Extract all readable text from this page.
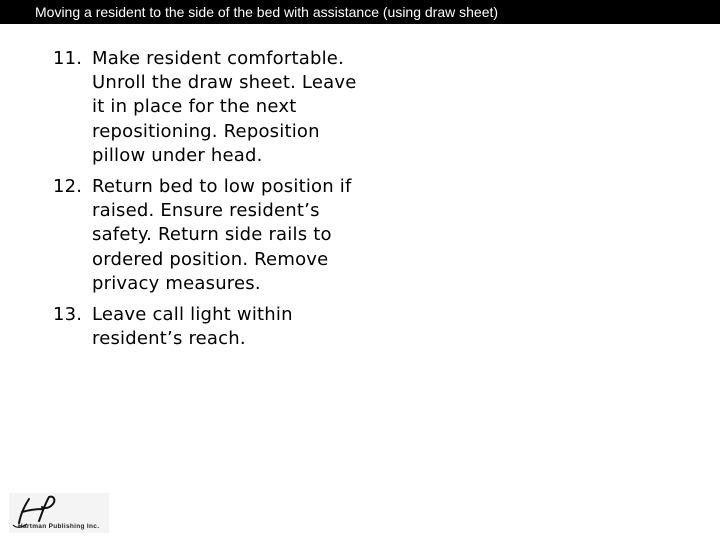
Moving a resident to the side of the bed with assistance (using draw sheet)
11. Make resident comfortable. Unroll the draw sheet. Leave it in place for the next repositioning. Reposition pillow under head.
12. Return bed to low position if raised. Ensure resident’s safety. Return side rails to ordered position. Remove privacy measures.
13. Leave call light within resident’s reach.
Hartman Publishing Inc.
